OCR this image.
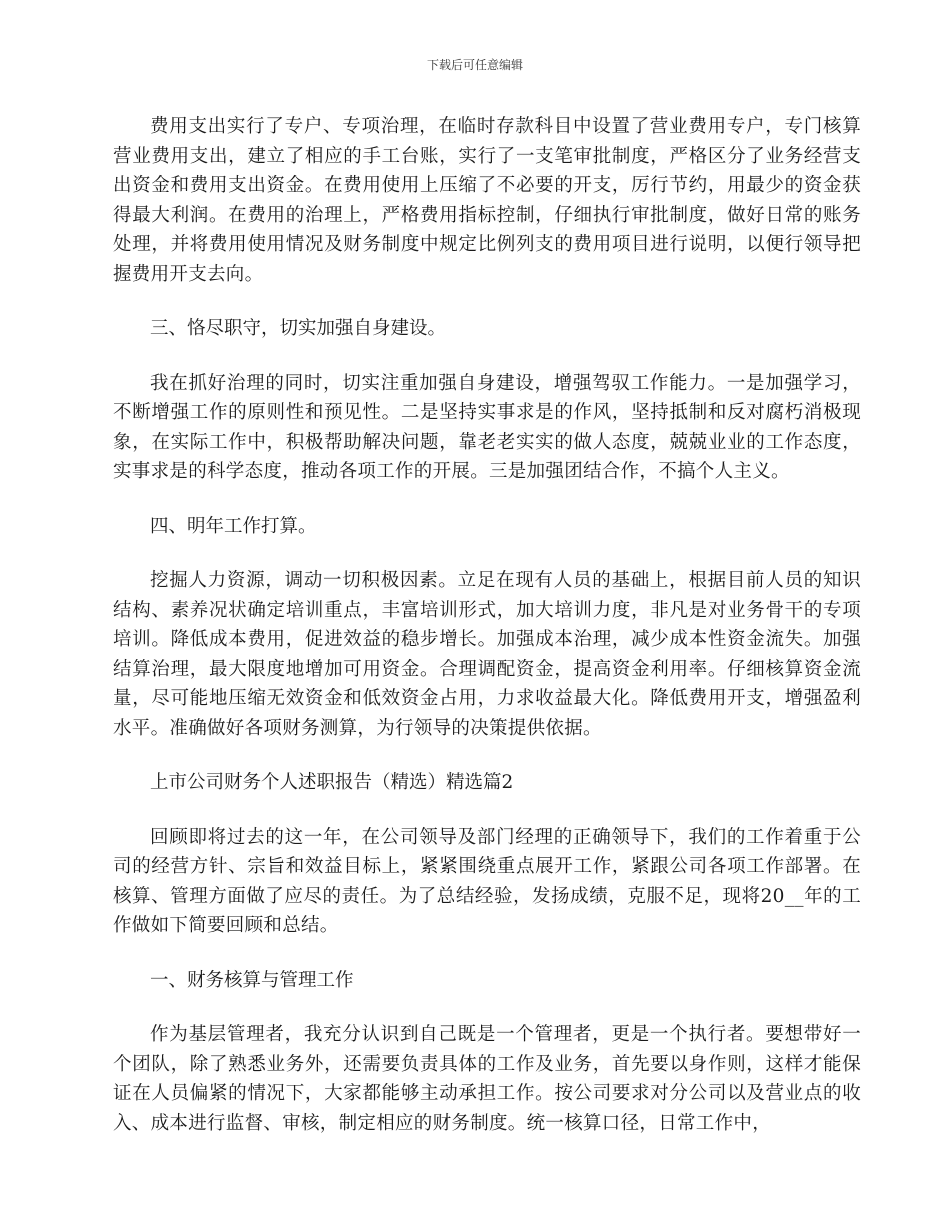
下载后可任意编辑

费用支出实行了专户、专项治理，在临时存款科目中设置了营业费用专户，专门核算营业费用支出，建立了相应的手工台账，实行了一支笔审批制度，严格区分了业务经营支出资金和费用支出资金。在费用使用上压缩了不必要的开支，厉行节约，用最少的资金获得最大利润。在费用的治理上，严格费用指标控制，仔细执行审批制度，做好日常的账务处理，并将费用使用情况及财务制度中规定比例列支的费用项目进行说明，以便行领导把握费用开支去向。

三、恪尽职守，切实加强自身建设。

我在抓好治理的同时，切实注重加强自身建设，增强驾驭工作能力。一是加强学习，不断增强工作的原则性和预见性。二是坚持实事求是的作风，坚持抵制和反对腐朽消极现象，在实际工作中，积极帮助解决问题，靠老老实实的做人态度，兢兢业业的工作态度，实事求是的科学态度，推动各项工作的开展。三是加强团结合作，不搞个人主义。

四、明年工作打算。

挖掘人力资源，调动一切积极因素。立足在现有人员的基础上，根据目前人员的知识结构、素养况状确定培训重点，丰富培训形式，加大培训力度，非凡是对业务骨干的专项培训。降低成本费用，促进效益的稳步增长。加强成本治理，减少成本性资金流失。加强结算治理，最大限度地增加可用资金。合理调配资金，提高资金利用率。仔细核算资金流量，尽可能地压缩无效资金和低效资金占用，力求收益最大化。降低费用开支，增强盈利水平。准确做好各项财务测算，为行领导的决策提供依据。

上市公司财务个人述职报告（精选）精选篇2

回顾即将过去的这一年，在公司领导及部门经理的正确领导下，我们的工作着重于公司的经营方针、宗旨和效益目标上，紧紧围绕重点展开工作，紧跟公司各项工作部署。在核算、管理方面做了应尽的责任。为了总结经验，发扬成绩，克服不足，现将20__年的工作做如下简要回顾和总结。

一、财务核算与管理工作

作为基层管理者，我充分认识到自己既是一个管理者，更是一个执行者。要想带好一个团队，除了熟悉业务外，还需要负责具体的工作及业务，首先要以身作则，这样才能保证在人员偏紧的情况下，大家都能够主动承担工作。按公司要求对分公司以及营业点的收入、成本进行监督、审核，制定相应的财务制度。统一核算口径，日常工作中，
